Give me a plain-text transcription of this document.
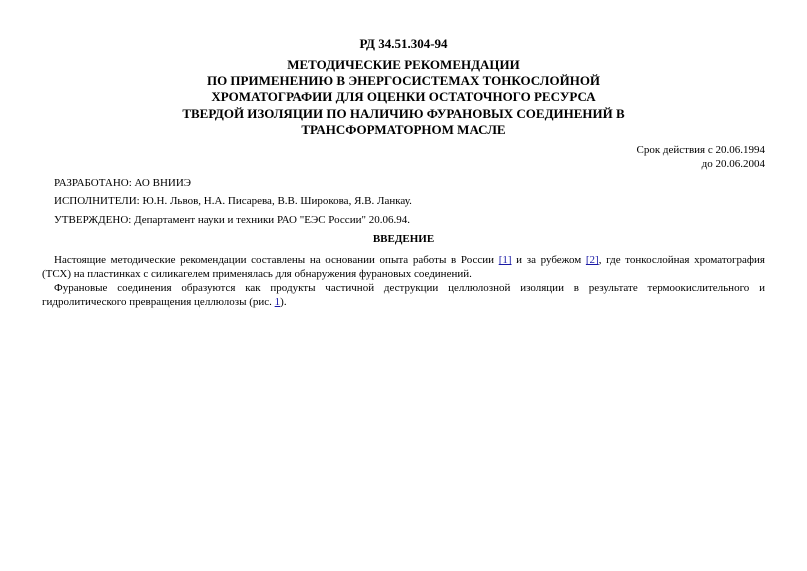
РД 34.51.304-94
МЕТОДИЧЕСКИЕ РЕКОМЕНДАЦИИ
ПО ПРИМЕНЕНИЮ В ЭНЕРГОСИСТЕМАХ ТОНКОСЛОЙНОЙ
ХРОМАТОГРАФИИ ДЛЯ ОЦЕНКИ ОСТАТОЧНОГО РЕСУРСА
ТВЕРДОЙ ИЗОЛЯЦИИ ПО НАЛИЧИЮ ФУРАНОВЫХ СОЕДИНЕНИЙ В
ТРАНСФОРМАТОРНОМ МАСЛЕ
Срок действия с 20.06.1994
до 20.06.2004
РАЗРАБОТАНО: АО ВНИИЭ
ИСПОЛНИТЕЛИ: Ю.Н. Львов, Н.А. Писарева, В.В. Широкова, Я.В. Ланкау.
УТВЕРЖДЕНО: Департамент науки и техники РАО "ЕЭС России" 20.06.94.
ВВЕДЕНИЕ
Настоящие методические рекомендации составлены на основании опыта работы в России [1] и за рубежом [2], где тонкослойная хроматография
(ТСХ) на пластинках с силикагелем применялась для обнаружения фурановых соединений.
Фурановые соединения образуются как продукты частичной деструкции целлюлозной изоляции в результате термоокислительного и
гидролитического превращения целлюлозы (рис. 1).
